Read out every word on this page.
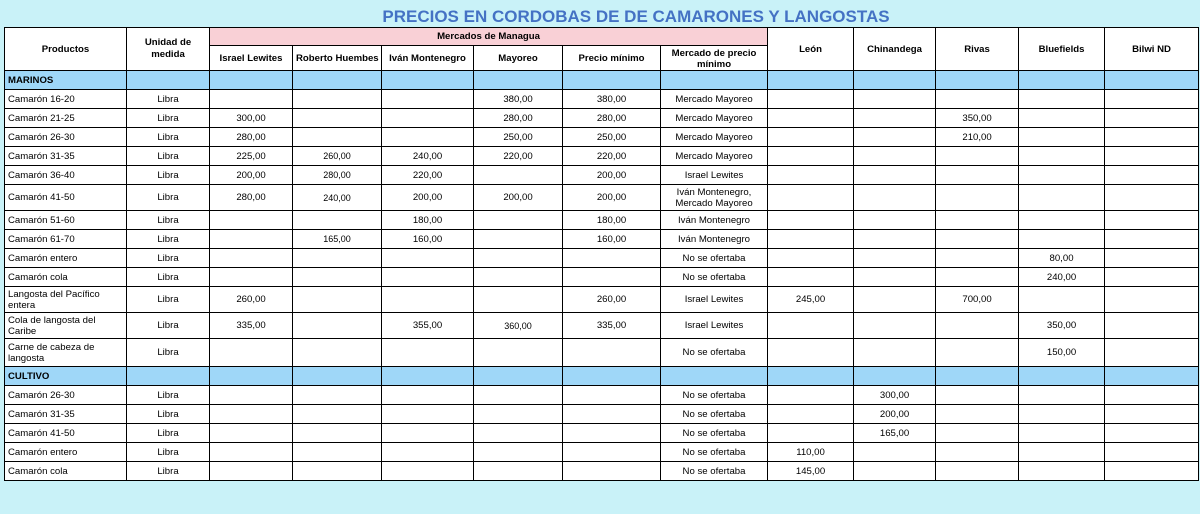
PRECIOS EN CORDOBAS DE DE CAMARONES Y LANGOSTAS
Productos	Unidad de medida	Mercados de Managua						León	Chinandega	Rivas	Bluefields	Bilwi ND
		Israel Lewites	Roberto Huembes	Iván Montenegro	Mayoreo	Precio mínimo	Mercado de precio mínimo					
MARINOS												
Camarón 16-20	Libra				380,00	380,00	Mercado Mayoreo					
Camarón 21-25	Libra	300,00			280,00	280,00	Mercado Mayoreo			350,00		
Camarón 26-30	Libra	280,00			250,00	250,00	Mercado Mayoreo			210,00		
Camarón 31-35	Libra	225,00	260,00	240,00	220,00	220,00	Mercado Mayoreo					
Camarón 36-40	Libra	200,00	280,00	220,00		200,00	Israel Lewites					
Camarón 41-50	Libra	280,00	240,00	200,00	200,00	200,00	Iván Montenegro, Mercado Mayoreo					
Camarón 51-60	Libra			180,00		180,00	Iván Montenegro					
Camarón 61-70	Libra		165,00	160,00		160,00	Iván Montenegro					
Camarón entero	Libra						No se ofertaba				80,00	
Camarón cola	Libra						No se ofertaba				240,00	
Langosta del Pacífico entera	Libra	260,00				260,00	Israel Lewites	245,00		700,00		
Cola de langosta del Caribe	Libra	335,00		355,00	360,00	335,00	Israel Lewites				350,00	
Carne de cabeza de langosta	Libra						No se ofertaba				150,00	
CULTIVO												
Camarón 26-30	Libra						No se ofertaba		300,00			
Camarón 31-35	Libra						No se ofertaba		200,00			
Camarón 41-50	Libra						No se ofertaba		165,00			
Camarón entero	Libra						No se ofertaba	110,00				
Camarón cola	Libra						No se ofertaba	145,00				
